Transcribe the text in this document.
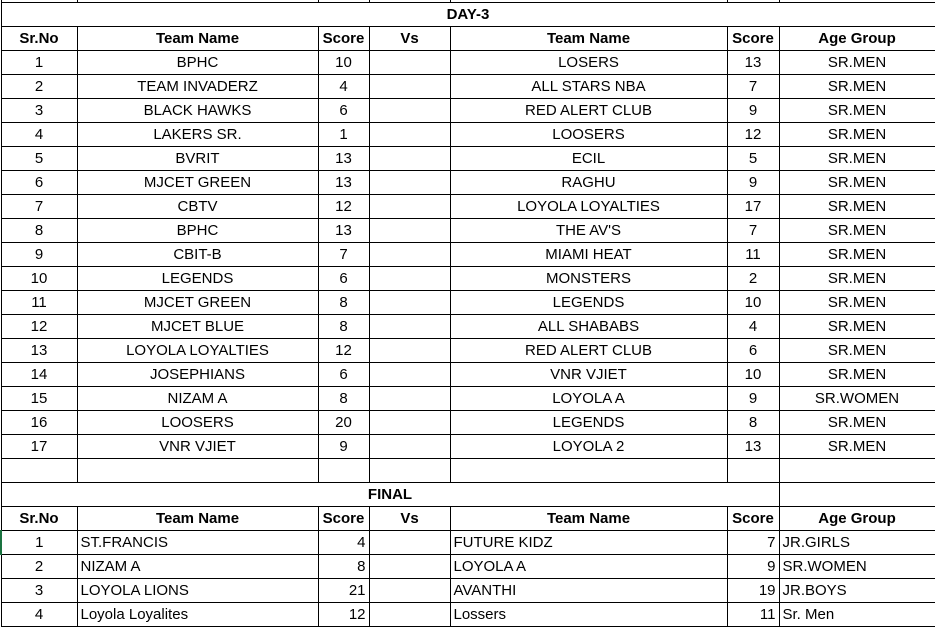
DAY-3						
Sr.No	Team Name	Score	Vs	Team Name	Score	Age Group
1	BPHC	10		LOSERS	13	SR.MEN
2	TEAM INVADERZ	4		ALL STARS NBA	7	SR.MEN
3	BLACK HAWKS	6		RED ALERT CLUB	9	SR.MEN
4	LAKERS SR.	1		LOOSERS	12	SR.MEN
5	BVRIT	13		ECIL	5	SR.MEN
6	MJCET GREEN	13		RAGHU	9	SR.MEN
7	CBTV	12		LOYOLA LOYALTIES	17	SR.MEN
8	BPHC	13		THE AV'S	7	SR.MEN
9	CBIT-B	7		MIAMI HEAT	11	SR.MEN
10	LEGENDS	6		MONSTERS	2	SR.MEN
11	MJCET GREEN	8		LEGENDS	10	SR.MEN
12	MJCET BLUE	8		ALL SHABABS	4	SR.MEN
13	LOYOLA LOYALTIES	12		RED ALERT CLUB	6	SR.MEN
14	JOSEPHIANS	6		VNR VJIET	10	SR.MEN
15	NIZAM A	8		LOYOLA A	9	SR.WOMEN
16	LOOSERS	20		LEGENDS	8	SR.MEN
17	VNR VJIET	9		LOYOLA 2	13	SR.MEN

FINAL						
Sr.No	Team Name	Score	Vs	Team Name	Score	Age Group
1	ST.FRANCIS	4		FUTURE KIDZ	7	JR.GIRLS
2	NIZAM A	8		LOYOLA A	9	SR.WOMEN
3	LOYOLA LIONS	21		AVANTHI	19	JR.BOYS
4	Loyola Loyalites	12		Lossers	11	Sr. Men
